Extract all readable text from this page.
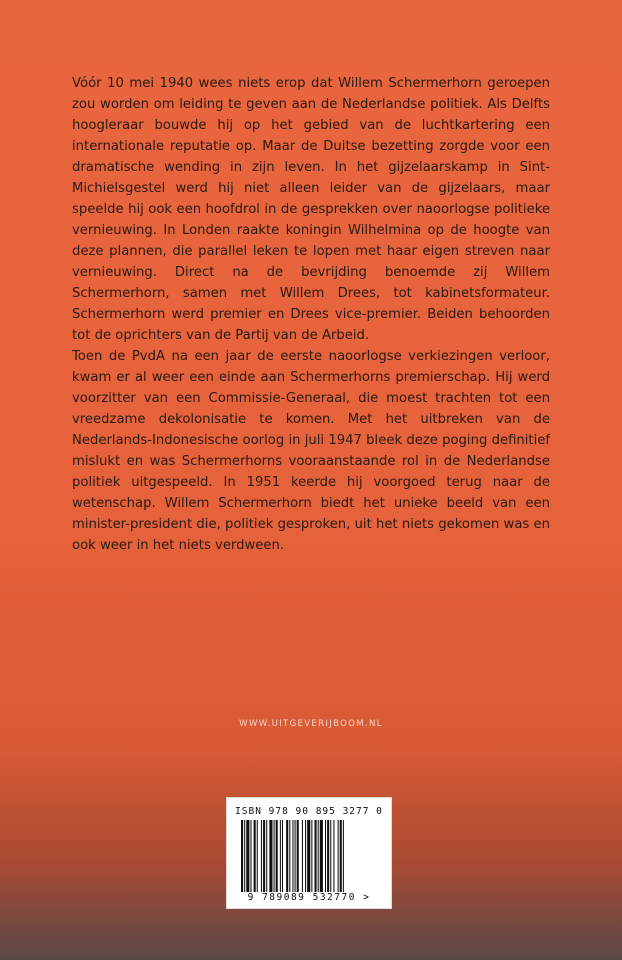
Vóór 10 mei 1940 wees niets erop dat Willem Schermerhorn geroepen zou worden om leiding te geven aan de Nederlandse politiek. Als Delfts hoogleraar bouwde hij op het gebied van de luchtkartering een internationale reputatie op. Maar de Duitse bezetting zorgde voor een dramatische wending in zijn leven. In het gijzelaarskamp in Sint-Michielsgestel werd hij niet alleen leider van de gijzelaars, maar speelde hij ook een hoofdrol in de gesprekken over naoorlogse politieke vernieuwing. In Londen raakte koningin Wilhelmina op de hoogte van deze plannen, die parallel leken te lopen met haar eigen streven naar vernieuwing. Direct na de bevrijding benoemde zij Willem Schermerhorn, samen met Willem Drees, tot kabinetsformateur. Schermerhorn werd premier en Drees vice-premier. Beiden behoorden tot de oprichters van de Partij van de Arbeid.

Toen de PvdA na een jaar de eerste naoorlogse verkiezingen verloor, kwam er al weer een einde aan Schermerhorns premierschap. Hij werd voorzitter van een Commissie-Generaal, die moest trachten tot een vreedzame dekolonisatie te komen. Met het uitbreken van de Nederlands-Indonesische oorlog in juli 1947 bleek deze poging definitief mislukt en was Schermerhorns vooraanstaande rol in de Nederlandse politiek uitgespeeld. In 1951 keerde hij voorgoed terug naar de wetenschap. Willem Schermerhorn biedt het unieke beeld van een minister-president die, politiek gesproken, uit het niets gekomen was en ook weer in het niets verdween.

WWW.UITGEVERIJBOOM.NL
ISBN 978 90 895 3277 0
9 789089 532770 >
